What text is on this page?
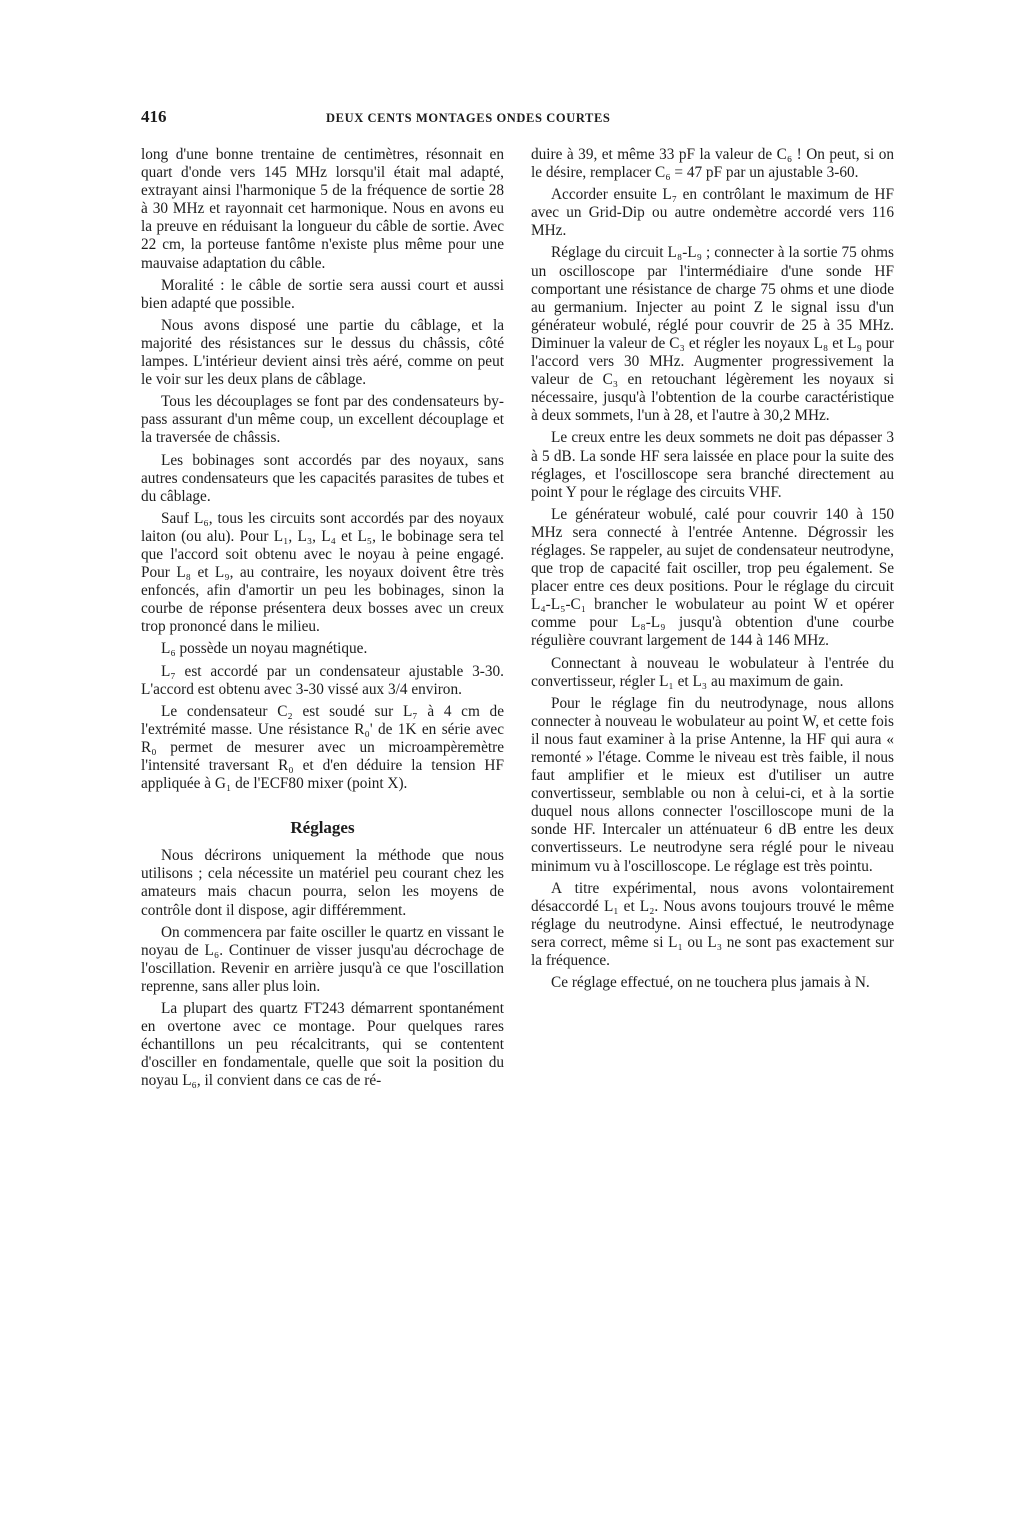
416	DEUX CENTS MONTAGES ONDES COURTES

long d'une bonne trentaine de centimètres, résonnait en quart d'onde vers 145 MHz lorsqu'il était mal adapté, extrayant ainsi l'harmonique 5 de la fréquence de sortie 28 à 30 MHz et rayonnait cet harmonique. Nous en avons eu la preuve en réduisant la longueur du câble de sortie. Avec 22 cm, la porteuse fantôme n'existe plus même pour une mauvaise adaptation du câble.

Moralité : le câble de sortie sera aussi court et aussi bien adapté que possible.

Nous avons disposé une partie du câblage, et la majorité des résistances sur le dessus du châssis, côté lampes. L'intérieur devient ainsi très aéré, comme on peut le voir sur les deux plans de câblage.

Tous les découplages se font par des condensateurs by-pass assurant d'un même coup, un excellent découplage et la traversée de châssis.

Les bobinages sont accordés par des noyaux, sans autres condensateurs que les capacités parasites de tubes et du câblage.

Sauf L₆, tous les circuits sont accordés par des noyaux laiton (ou alu). Pour L₁, L₃, L₄ et L₅, le bobinage sera tel que l'accord soit obtenu avec le noyau à peine engagé. Pour L₈ et L₉, au contraire, les noyaux doivent être très enfoncés, afin d'amortir un peu les bobinages, sinon la courbe de réponse présentera deux bosses avec un creux trop prononcé dans le milieu.

L₆ possède un noyau magnétique.

L₇ est accordé par un condensateur ajustable 3-30. L'accord est obtenu avec 3-30 vissé aux 3/4 environ.

Le condensateur C₂ est soudé sur L₇ à 4 cm de l'extrémité masse. Une résistance R₀' de 1K en série avec R₀ permet de mesurer avec un microampèremètre l'intensité traversant R₀ et d'en déduire la tension HF appliquée à G₁ de l'ECF80 mixer (point X).

Réglages

Nous décrirons uniquement la méthode que nous utilisons ; cela nécessite un matériel peu courant chez les amateurs mais chacun pourra, selon les moyens de contrôle dont il dispose, agir différemment.

On commencera par faite osciller le quartz en vissant le noyau de L₆. Continuer de visser jusqu'au décrochage de l'oscillation. Revenir en arrière jusqu'à ce que l'oscillation reprenne, sans aller plus loin.

La plupart des quartz FT243 démarrent spontanément en overtone avec ce montage. Pour quelques rares échantillons un peu récalcitrants, qui se contentent d'osciller en fondamentale, quelle que soit la position du noyau L₆, il convient dans ce cas de ré-

duire à 39, et même 33 pF la valeur de C₆ ! On peut, si on le désire, remplacer C₆ = 47 pF par un ajustable 3-60.

Accorder ensuite L₇ en contrôlant le maximum de HF avec un Grid-Dip ou autre ondemètre accordé vers 116 MHz.

Réglage du circuit L₈-L₉ ; connecter à la sortie 75 ohms un oscilloscope par l'intermédiaire d'une sonde HF comportant une résistance de charge 75 ohms et une diode au germanium. Injecter au point Z le signal issu d'un générateur wobulé, réglé pour couvrir de 25 à 35 MHz. Diminuer la valeur de C₃ et régler les noyaux L₈ et L₉ pour l'accord vers 30 MHz. Augmenter progressivement la valeur de C₃ en retouchant légèrement les noyaux si nécessaire, jusqu'à l'obtention de la courbe caractéristique à deux sommets, l'un à 28, et l'autre à 30,2 MHz.

Le creux entre les deux sommets ne doit pas dépasser 3 à 5 dB. La sonde HF sera laissée en place pour la suite des réglages, et l'oscilloscope sera branché directement au point Y pour le réglage des circuits VHF.

Le générateur wobulé, calé pour couvrir 140 à 150 MHz sera connecté à l'entrée Antenne. Dégrossir les réglages. Se rappeler, au sujet de condensateur neutrodyne, que trop de capacité fait osciller, trop peu également. Se placer entre ces deux positions. Pour le réglage du circuit L₄-L₅-C₁ brancher le wobulateur au point W et opérer comme pour L₈-L₉ jusqu'à obtention d'une courbe régulière couvrant largement de 144 à 146 MHz.

Connectant à nouveau le wobulateur à l'entrée du convertisseur, régler L₁ et L₃ au maximum de gain.

Pour le réglage fin du neutrodynage, nous allons connecter à nouveau le wobulateur au point W, et cette fois il nous faut examiner à la prise Antenne, la HF qui aura « remonté » l'étage. Comme le niveau est très faible, il nous faut amplifier et le mieux est d'utiliser un autre convertisseur, semblable ou non à celui-ci, et à la sortie duquel nous allons connecter l'oscilloscope muni de la sonde HF. Intercaler un atténuateur 6 dB entre les deux convertisseurs. Le neutrodyne sera réglé pour le niveau minimum vu à l'oscilloscope. Le réglage est très pointu.

A titre expérimental, nous avons volontairement désaccordé L₁ et L₂. Nous avons toujours trouvé le même réglage du neutrodyne. Ainsi effectué, le neutrodynage sera correct, même si L₁ ou L₃ ne sont pas exactement sur la fréquence.

Ce réglage effectué, on ne touchera plus jamais à N.
